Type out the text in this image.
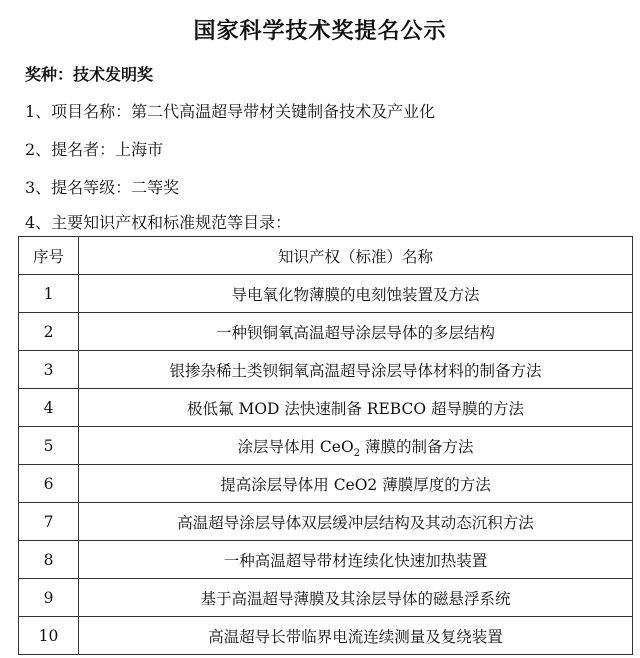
国家科学技术奖提名公示
奖种：技术发明奖
1、项目名称：第二代高温超导带材关键制备技术及产业化
2、提名者：上海市
3、提名等级：二等奖
4、主要知识产权和标准规范等目录：
序号	知识产权（标准）名称
1	导电氧化物薄膜的电刻蚀装置及方法
2	一种钡铜氧高温超导涂层导体的多层结构
3	银掺杂稀土类钡铜氧高温超导涂层导体材料的制备方法
4	极低氟 MOD 法快速制备 REBCO 超导膜的方法
5	涂层导体用 CeO$_2$ 薄膜的制备方法
6	提高涂层导体用 CeO2 薄膜厚度的方法
7	高温超导涂层导体双层缓冲层结构及其动态沉积方法
8	一种高温超导带材连续化快速加热装置
9	基于高温超导薄膜及其涂层导体的磁悬浮系统
10	高温超导长带临界电流连续测量及复绕装置
